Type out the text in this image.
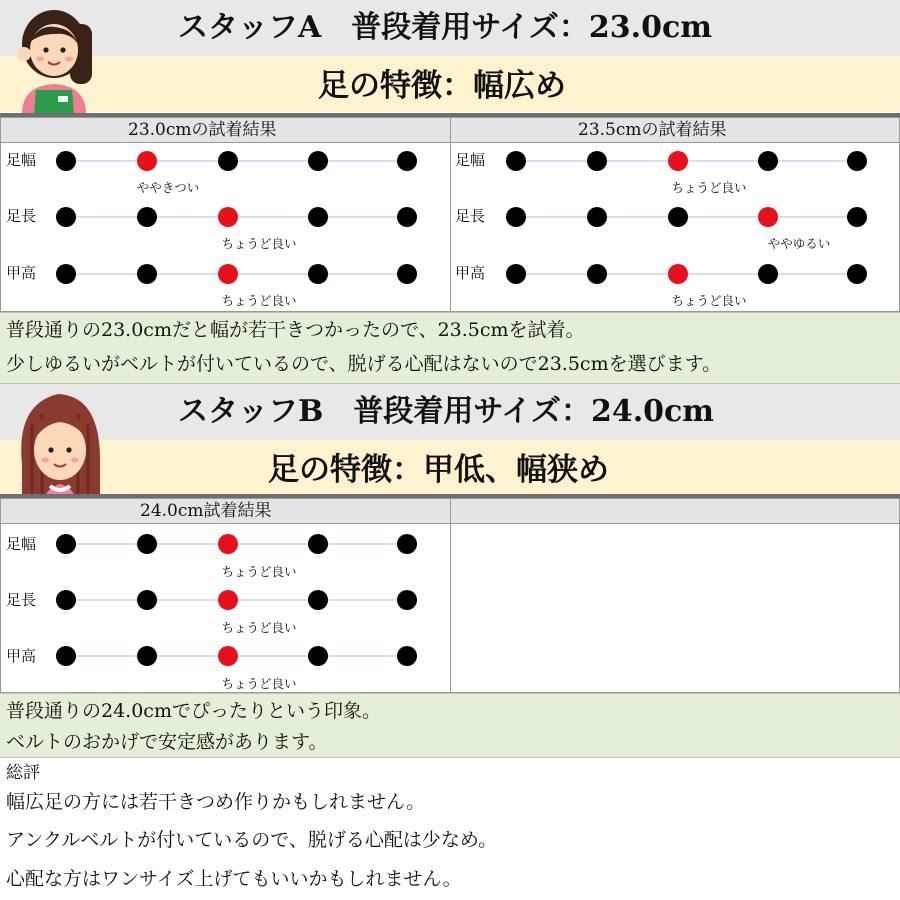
スタッフA　普段着用サイズ：23.0cm
足の特徴：幅広め
23.0cmの試着結果	23.5cmの試着結果
足幅
足長
甲高
ややきつい
ちょうど良い
ちょうど良い
足幅
足長
甲高
ちょうど良い
ややゆるい
ちょうど良い
普段通りの23.0cmだと幅が若干きつかったので、23.5cmを試着。
少しゆるいがベルトが付いているので、脱げる心配はないので23.5cmを選びます。
スタッフB　普段着用サイズ：24.0cm
足の特徴：甲低、幅狭め
24.0cm試着結果
足幅
足長
甲高
ちょうど良い
ちょうど良い
ちょうど良い
普段通りの24.0cmでぴったりという印象。
ベルトのおかげで安定感があります。
総評
幅広足の方には若干きつめ作りかもしれません。
アンクルベルトが付いているので、脱げる心配は少なめ。
心配な方はワンサイズ上げてもいいかもしれません。
